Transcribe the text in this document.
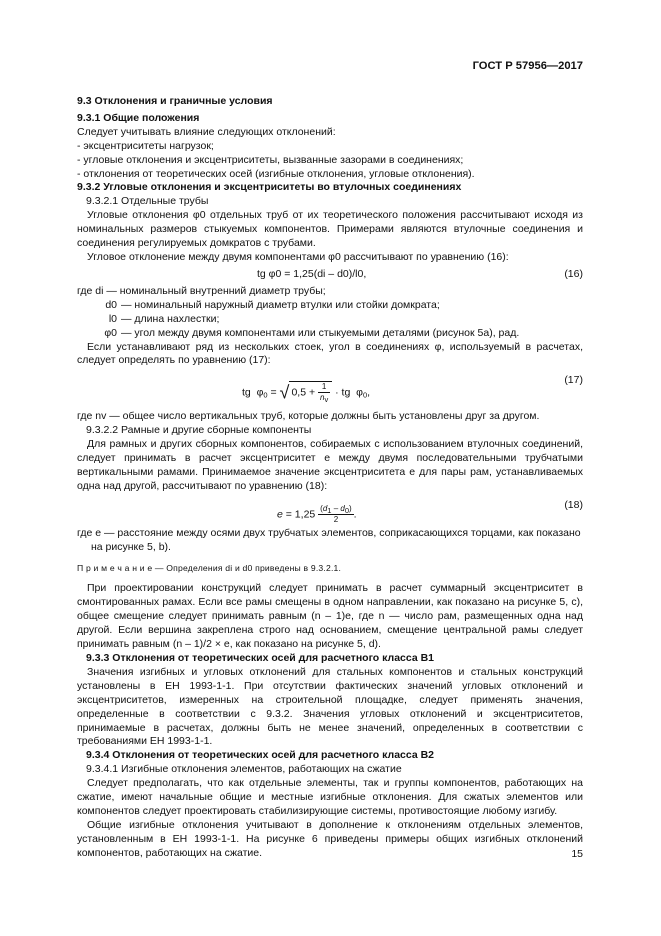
ГОСТ Р 57956—2017

9.3 Отклонения и граничные условия

9.3.1 Общие положения

Следует учитывать влияние следующих отклонений:

- эксцентриситеты нагрузок;

- угловые отклонения и эксцентриситеты, вызванные зазорами в соединениях;

- отклонения от теоретических осей (изгибные отклонения, угловые отклонения).

9.3.2 Угловые отклонения и эксцентриситеты во втулочных соединениях

9.3.2.1 Отдельные трубы

Угловые отклонения φ0 отдельных труб от их теоретического положения рассчитывают исходя из номинальных размеров стыкуемых компонентов. Примерами являются втулочные соединения и соединения регулируемых домкратов с трубами.

Угловое отклонение между двумя компонентами φ0 рассчитывают по уравнению (16):

tg φ0 = 1,25(di – d0)/l0,	(16)
где di
— номинальный внутренний диаметр трубы;
d0 — номинальный наружный диаметр втулки или стойки домкрата;
l0 — длина нахлестки;
φ0 — угол между двумя компонентами или стыкуемыми деталями (рисунок 5а), рад.

Если устанавливают ряд из нескольких стоек, угол в соединениях φ, используемый в расчетах, следует определять по уравнению (17):

tg  $\varphi_0$ = √ $0,5 + \frac{1}{n_v}$ · tg  $\varphi_0$,
(17)

где nv — общее число вертикальных труб, которые должны быть установлены друг за другом.

9.3.2.2 Рамные и другие сборные компоненты

Для рамных и других сборных компонентов, собираемых с использованием втулочных соединений, следует принимать в расчет эксцентриситет е между двумя последовательными трубчатыми вертикальными рамами. Принимаемое значение эксцентриситета е для пары рам, устанавливаемых одна над другой, рассчитывают по уравнению (18):

$e = 1,25 \frac{(d_1 - d_0)}{2}$ .
(18)

где е — расстояние между осями двух трубчатых элементов, соприкасающихся торцами, как показано на рисунке 5, b).

П р и м е ч а н и е — Определения di и d0 приведены в 9.3.2.1.

При проектировании конструкций следует принимать в расчет суммарный эксцентриситет в смонтированных рамах. Если все рамы смещены в одном направлении, как показано на рисунке 5, с), общее смещение следует принимать равным (n – 1)е, где n — число рам, размещенных одна над другой. Если вершина закреплена строго над основанием, смещение центральной рамы следует принимать равным (n – 1)/2 × е, как показано на рисунке 5, d).

9.3.3 Отклонения от теоретических осей для расчетного класса В1

Значения изгибных и угловых отклонений для стальных компонентов и стальных конструкций установлены в ЕН 1993-1-1. При отсутствии фактических значений угловых отклонений и эксцентриситетов, измеренных на строительной площадке, следует применять значения, определенные в соответствии с 9.3.2. Значения угловых отклонений и эксцентриситетов, принимаемые в расчетах, должны быть не менее значений, определенных в соответствии с требованиями ЕН 1993-1-1.

9.3.4 Отклонения от теоретических осей для расчетного класса В2

9.3.4.1 Изгибные отклонения элементов, работающих на сжатие

Следует предполагать, что как отдельные элементы, так и группы компонентов, работающих на сжатие, имеют начальные общие и местные изгибные отклонения. Для сжатых элементов или компонентов следует проектировать стабилизирующие системы, противостоящие любому изгибу.

Общие изгибные отклонения учитывают в дополнение к отклонениям отдельных элементов, установленным в ЕН 1993-1-1. На рисунке 6 приведены примеры общих изгибных отклонений компонентов, работающих на сжатие.	15
